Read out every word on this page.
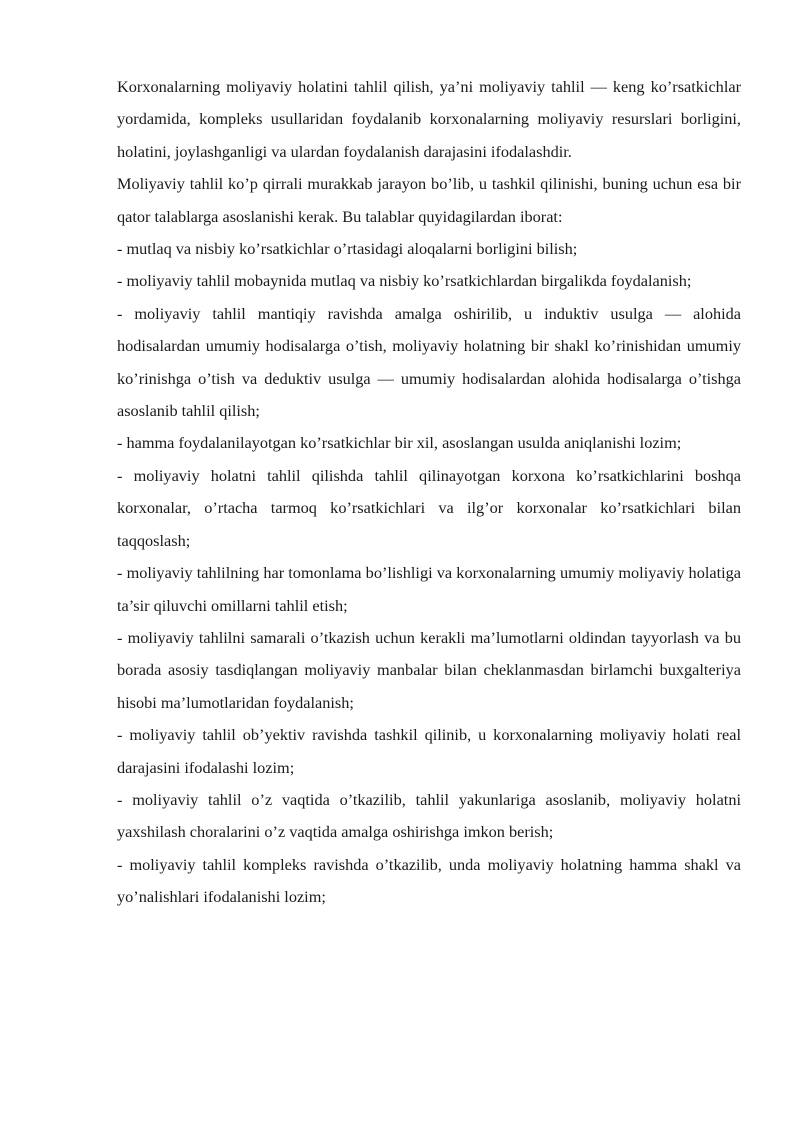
Korxonalarning moliyaviy holatini tahlil qilish, ya’ni moliyaviy tahlil — keng ko’rsatkichlar yordamida, kompleks usullaridan foydalanib korxonalarning moliyaviy resurslari borligini, holatini, joylashganligi va ulardan foydalanish darajasini ifodalashdir.

Moliyaviy tahlil ko’p qirrali murakkab jarayon bo’lib, u tashkil qilinishi, buning uchun esa bir qator talablarga asoslanishi kerak. Bu talablar quyidagilardan iborat:

- mutlaq va nisbiy ko’rsatkichlar o’rtasidagi aloqalarni borligini bilish;

- moliyaviy tahlil mobaynida mutlaq va nisbiy ko’rsatkichlardan birgalikda foydalanish;

- moliyaviy tahlil mantiqiy ravishda amalga oshirilib, u induktiv usulga — alohida hodisalardan umumiy hodisalarga o’tish, moliyaviy holatning bir shakl ko’rinishidan umumiy ko’rinishga o’tish va deduktiv usulga — umumiy hodisalardan alohida hodisalarga o’tishga asoslanib tahlil qilish;

- hamma foydalanilayotgan ko’rsatkichlar bir xil, asoslangan usulda aniqlanishi lozim;

- moliyaviy holatni tahlil qilishda tahlil qilinayotgan korxona ko’rsatkichlarini boshqa korxonalar, o’rtacha tarmoq ko’rsatkichlari va ilg’or korxonalar ko’rsatkichlari bilan taqqoslash;

- moliyaviy tahlilning har tomonlama bo’lishligi va korxonalarning umumiy moliyaviy holatiga ta’sir qiluvchi omillarni tahlil etish;

- moliyaviy tahlilni samarali o’tkazish uchun kerakli ma’lumotlarni oldindan tayyorlash va bu borada asosiy tasdiqlangan moliyaviy manbalar bilan cheklanmasdan birlamchi buxgalteriya hisobi ma’lumotlaridan foydalanish;

- moliyaviy tahlil ob’yektiv ravishda tashkil qilinib, u korxonalarning moliyaviy holati real darajasini ifodalashi lozim;

- moliyaviy tahlil o’z vaqtida o’tkazilib, tahlil yakunlariga asoslanib, moliyaviy holatni yaxshilash choralarini o’z vaqtida amalga oshirishga imkon berish;

- moliyaviy tahlil kompleks ravishda o’tkazilib, unda moliyaviy holatning hamma shakl va yo’nalishlari ifodalanishi lozim;
